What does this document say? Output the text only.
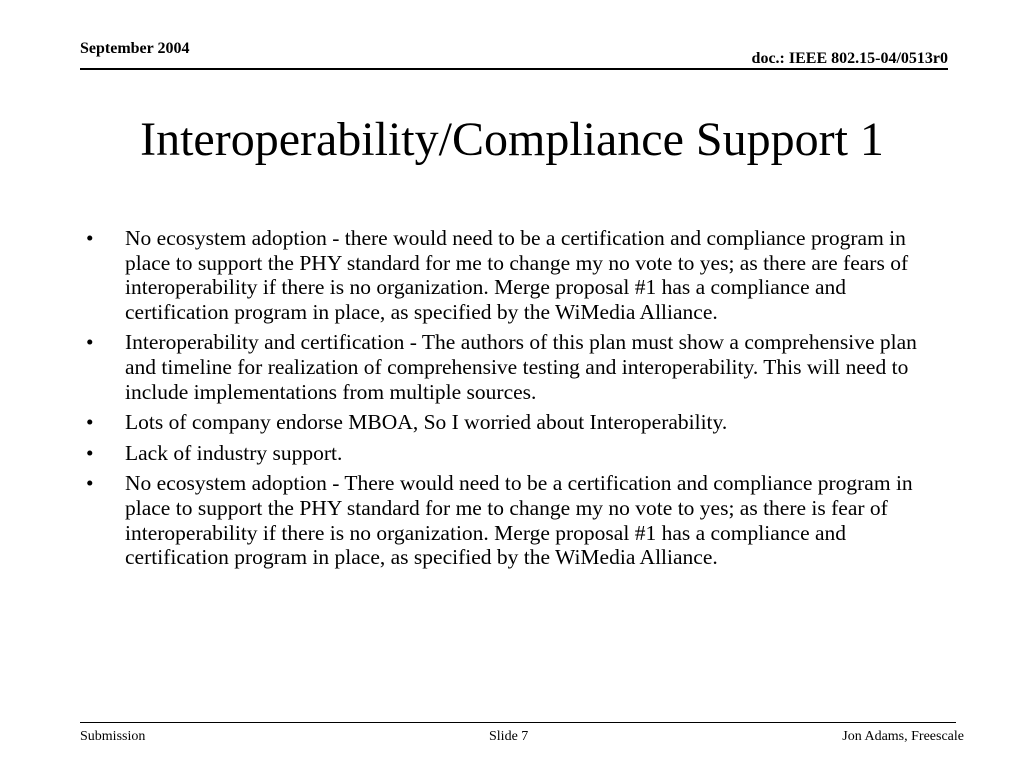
September 2004
doc.: IEEE 802.15-04/0513r0
Interoperability/Compliance Support 1
•	No ecosystem adoption - there would need to be a certification and compliance program in place to support the PHY standard for me to change my no vote to yes; as there are fears of interoperability if there is no organization. Merge proposal #1 has a compliance and certification program in place, as specified by the WiMedia Alliance.
•	Interoperability and certification - The authors of this plan must show a comprehensive plan and timeline for realization of comprehensive testing and interoperability. This will need to include implementations from multiple sources.
•	Lots of company endorse MBOA, So I worried about Interoperability.
•	Lack of industry support.
•	No ecosystem adoption - There would need to be a certification and compliance program in place to support the PHY standard for me to change my no vote to yes; as there is fear of interoperability if there is no organization. Merge proposal #1 has a compliance and certification program in place, as specified by the WiMedia Alliance.
Submission	Slide 7	Jon Adams, Freescale
